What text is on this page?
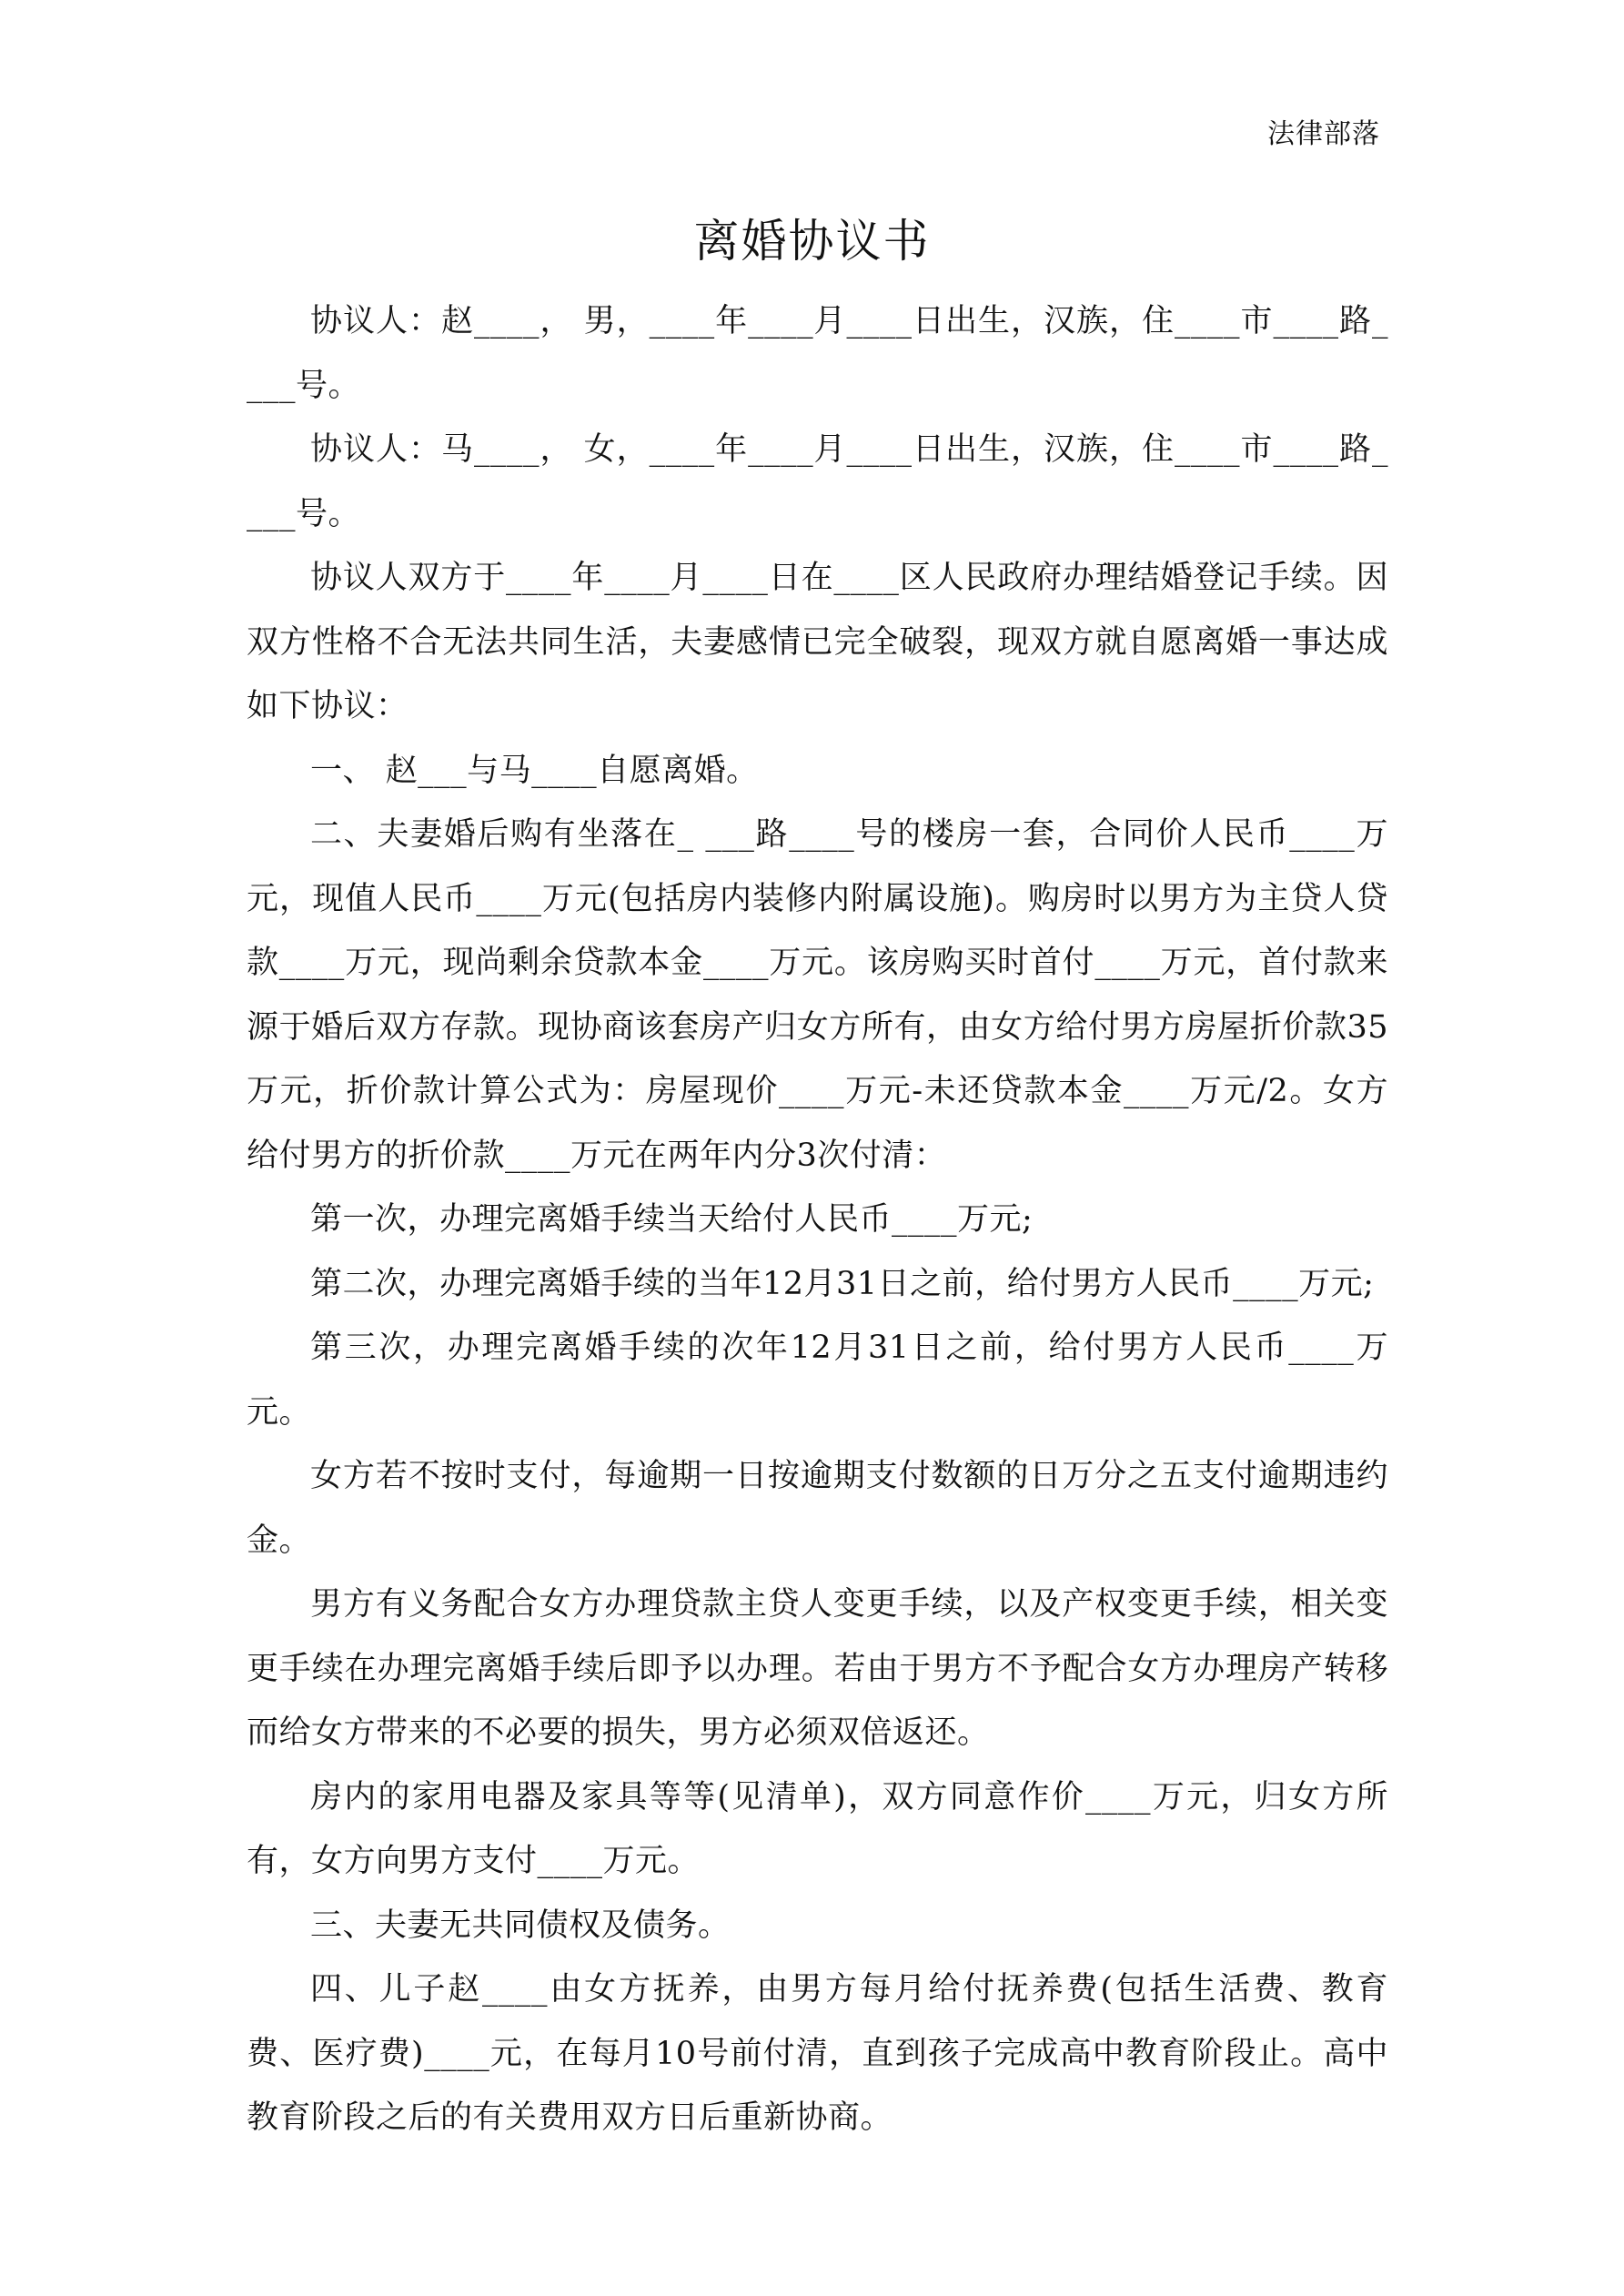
法律部落
离婚协议书

协议人：赵____， 男，____年____月____日出生，汉族，住____市____路____号。

协议人：马____， 女，____年____月____日出生，汉族，住____市____路____号。

协议人双方于____年____月____日在____区人民政府办理结婚登记手续。因双方性格不合无法共同生活，夫妻感情已完全破裂，现双方就自愿离婚一事达成如下协议：

一、 赵___与马____自愿离婚。

二、夫妻婚后购有坐落在_ ___路____号的楼房一套，合同价人民币____万元，现值人民币____万元(包括房内装修内附属设施)。购房时以男方为主贷人贷款____万元，现尚剩余贷款本金____万元。该房购买时首付____万元，首付款来源于婚后双方存款。现协商该套房产归女方所有，由女方给付男方房屋折价款35万元，折价款计算公式为：房屋现价____万元-未还贷款本金____万元/2。女方给付男方的折价款____万元在两年内分3次付清：

第一次，办理完离婚手续当天给付人民币____万元;

第二次，办理完离婚手续的当年12月31日之前，给付男方人民币____万元;

第三次，办理完离婚手续的次年12月31日之前，给付男方人民币____万元。

女方若不按时支付，每逾期一日按逾期支付数额的日万分之五支付逾期违约金。

男方有义务配合女方办理贷款主贷人变更手续，以及产权变更手续，相关变更手续在办理完离婚手续后即予以办理。若由于男方不予配合女方办理房产转移而给女方带来的不必要的损失，男方必须双倍返还。

房内的家用电器及家具等等(见清单)，双方同意作价____万元，归女方所有，女方向男方支付____万元。

三、夫妻无共同债权及债务。

四、儿子赵____由女方抚养，由男方每月给付抚养费(包括生活费、教育费、医疗费)____元，在每月10号前付清，直到孩子完成高中教育阶段止。高中教育阶段之后的有关费用双方日后重新协商。
